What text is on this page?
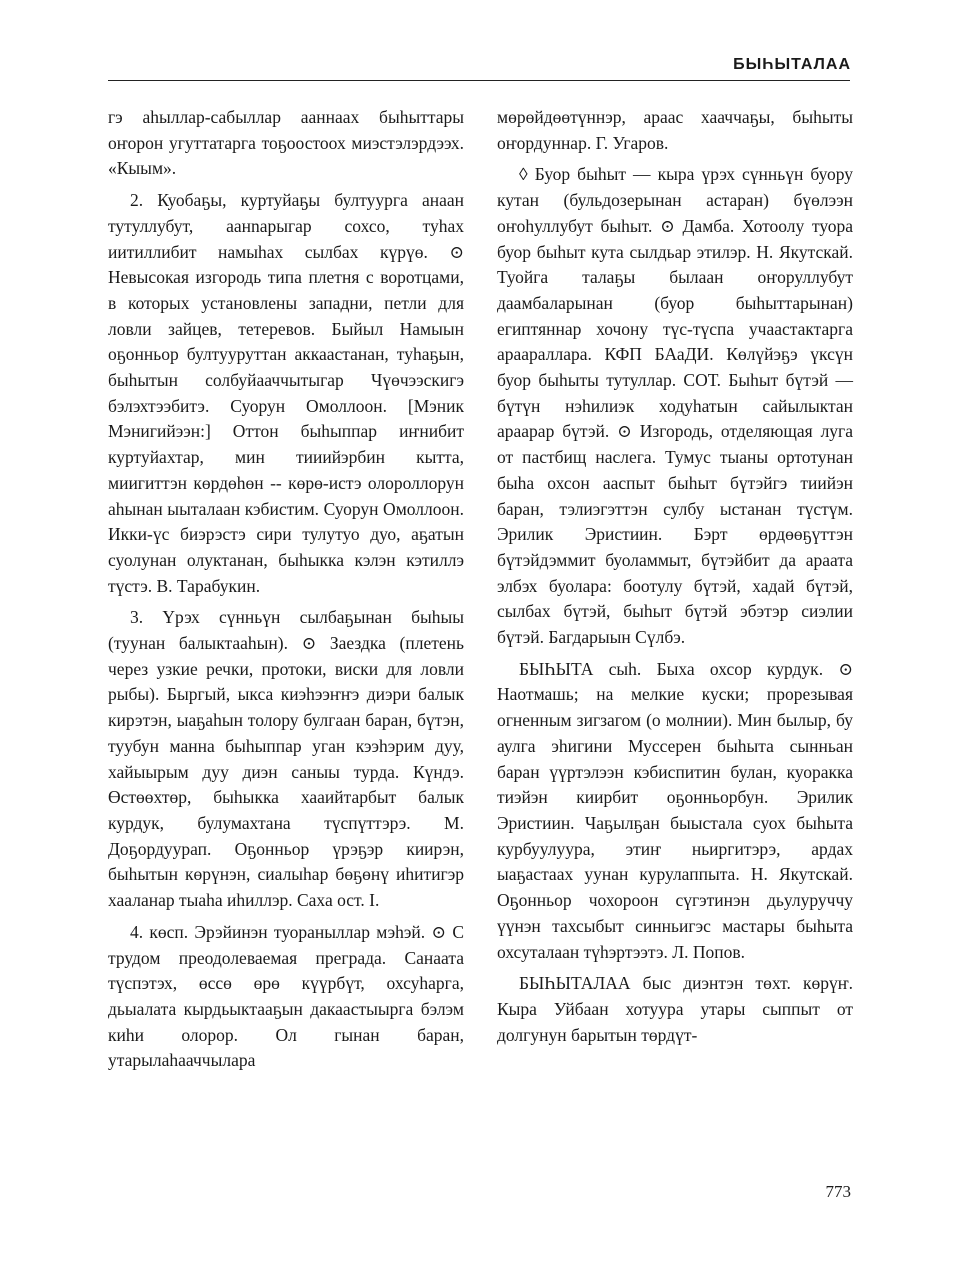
БЫҺЫТАЛАА

гэ аһыллар-сабыллар ааннаах быһыттары оҥорон угуттатарга тоҕоостоох миэстэлэрдээх. «Кыым».

2. Куобаҕы, куртуйаҕы бултуурга анаан тутуллубут, аанnарыгар сохсо, туһах иитиллибит намыһах сылбах күрүө. ⊙ Невысокая изгородь типа плетня с воротцами, в которых установлены западни, петли для ловли зайцев, тетеревов. Быйыл Намыын оҕонньор бултууруттан аккаастанан, туһаҕын, быһытын солбуйааччытыгар Чүөчээскигэ бэлэхтээбитэ. Суорун Омоллоон. [Мэник Мэнигийээн:] Оттон быһыппар иҥнибит куртуйахтар, мин тииийэрбин кытта, миигиттэн көрдөһөн -- көрө-истэ олороллорун аһынан ыыталаан кэбистим. Суорун Омоллоон. Икки-үс биэрэстэ сири тулутуо дуо, аҕатын суолунан олуктанан, быһыкка кэлэн кэтиллэ түстэ. В. Тарабукин.

3. Үрэх сүнньүн сылбаҕынан быһыы (туунан балыктааһын). ⊙ Заездка (плетень через узкие речки, протоки, виски для ловли рыбы). Быргый, ыкса киэһээҥҥэ диэри балык кирэтэн, ыаҕаһын толору булгаан баран, бүтэн, туубун манна быһыппар уган кээһэрим дуу, хайыырым дуу диэн саныы турда. Күндэ. Өстөөхтөр, быһыкка хааийтарбыт балык курдук, булумахтана түспүттэрэ. М. Доҕордуурап. Оҕонньор үрэҕэр киирэн, быһытын көрүнэн, сиалыһар бөҕөнү иһитигэр хааланар тыаһа иһиллэр. Саха ост. I.

4. көсп. Эрэйинэн туораныллар мэһэй. ⊙ С трудом преодолеваемая преграда. Санаата түспэтэх, өссө өрө күүрбүт, охсуһарга, дьыалата кырдьыктааҕын дакаастыырга бэлэм киһи олорор. Ол гынан баран, утарылаһааччылара

мөрөйдөөтүннэр, араас хааччаҕы, быһыты оҥордуннар. Г. Угаров.

◊ Буор быһыт — кыра үрэх сүнньүн буору кутан (бульдозерынан астаран) бүөлээн оҥоһуллубут быһыт. ⊙ Дамба. Хотоолу туора буор быһыт кута сылдьар этилэр. Н. Якутскай. Туойга талаҕы былаан оҥоруллубут даамбаларынан (буор быһыттарынан) египтяннар хочону түс-түспа учаастактарга араараллара. КФП БАаДИ. Көлүйэҕэ үксүн буор быһыты тутуллар. СОТ. Быһыт бүтэй — бүтүн нэһилиэк ходуһатын сайылыктан араарар бүтэй. ⊙ Изгородь, отделяющая луга от пастбищ наслега. Тумус тыаны ортотунан быһа охсон ааспыт быһыт бүтэйгэ тиийэн баран, тэлиэгэттэн сулбу ыстанан түстүм. Эрилик Эристиин. Бэрт өрдөөҕүттэн бүтэйдэммит буоламмыт, бүтэйбит да араата элбэх буолара: боотулу бүтэй, хадай бүтэй, сылбах бүтэй, быһыт бүтэй эбэтэр сиэлии бүтэй. Багдарыын Сүлбэ.

БЫҺЫТА сыһ. Быха охсор курдук. ⊙ Наотмашь; на мелкие куски; прорезывая огненным зигзагом (о молнии). Мин былыр, бу аулга эһигини Муссерен быһыта сынньан баран үүртэлээн кэбиспитин булан, куоракка тиэйэн киирбит оҕонньорбун. Эрилик Эристиин. Чаҕылҕан быыстала суох быһыта курбуулуура, этиҥ ньиргитэрэ, ардах ыаҕастаах уунан курулаппыта. Н. Якутскай. Оҕонньор чохороон сүгэтинэн дьулуруччу үүнэн тахсыбыт синньигэс мастары быһыта охсуталаан түһэртээтэ. Л. Попов.

БЫҺЫТАЛАА быс диэнтэн төхт. көрүҥ. Кыра Уйбаан хотуура утары сыппыт от долгунун барытын төрдүт-

773
